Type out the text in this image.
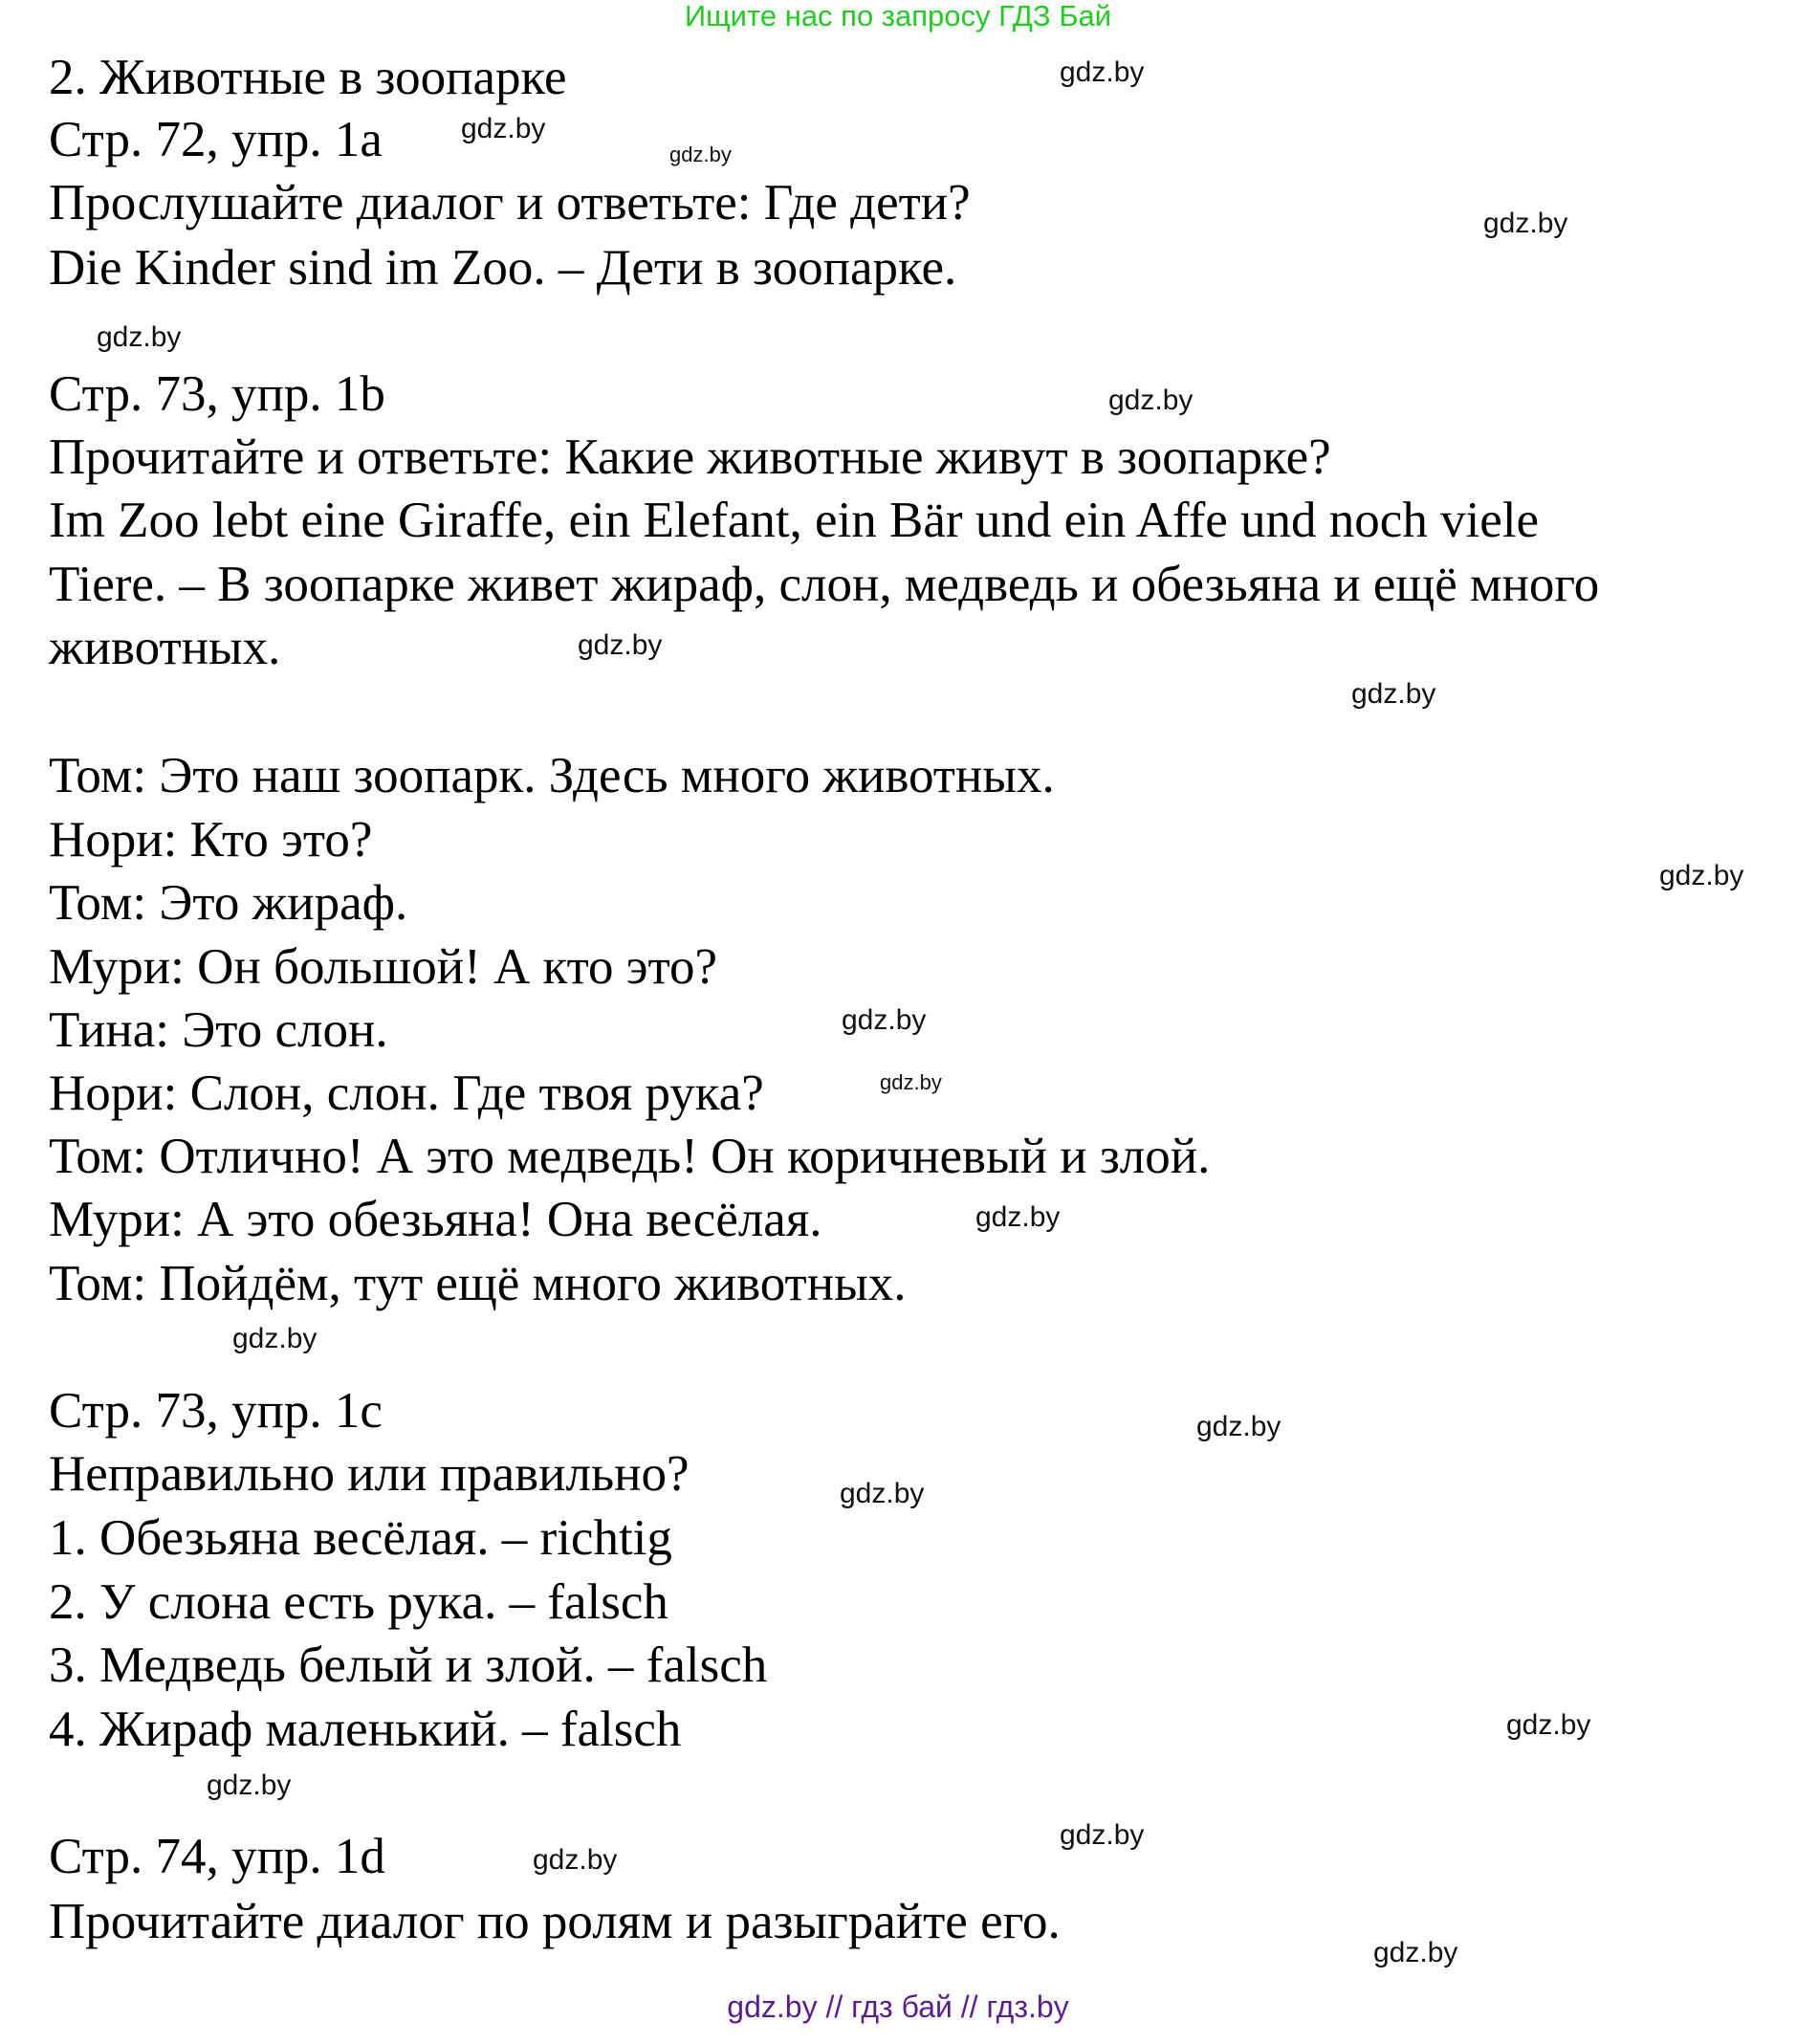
Ищите нас по запросу ГДЗ Бай
2. Животные в зоопарке
Стр. 72, упр. 1а
Прослушайте диалог и ответьте: Где дети?
Die Kinder sind im Zoo. – Дети в зоопарке.
Стр. 73, упр. 1b
Прочитайте и ответьте: Какие животные живут в зоопарке?
Im Zoo lebt eine Giraffe, ein Elefant, ein Bär und ein Affe und noch viele
Tiere. – В зоопарке живет жираф, слон, медведь и обезьяна и ещё много
животных.
Том: Это наш зоопарк. Здесь много животных.
Нори: Кто это?
Том: Это жираф.
Мури: Он большой! А кто это?
Тина: Это слон.
Нори: Слон, слон. Где твоя рука?
Том: Отлично! А это медведь! Он коричневый и злой.
Мури: А это обезьяна! Она весёлая.
Том: Пойдём, тут ещё много животных.
Стр. 73, упр. 1c
Неправильно или правильно?
1. Обезьяна весёлая. – richtig
2. У слона есть рука. – falsch
3. Медведь белый и злой. – falsch
4. Жираф маленький. – falsch
Стр. 74, упр. 1d
Прочитайте диалог по ролям и разыграйте его.
gdz.by
gdz.by
gdz.by
gdz.by
gdz.by
gdz.by
gdz.by
gdz.by
gdz.by
gdz.by
gdz.by
gdz.by
gdz.by
gdz.by
gdz.by
gdz.by
gdz.by
gdz.by
gdz.by
gdz.by
gdz.by // гдз бай // гдз.by
